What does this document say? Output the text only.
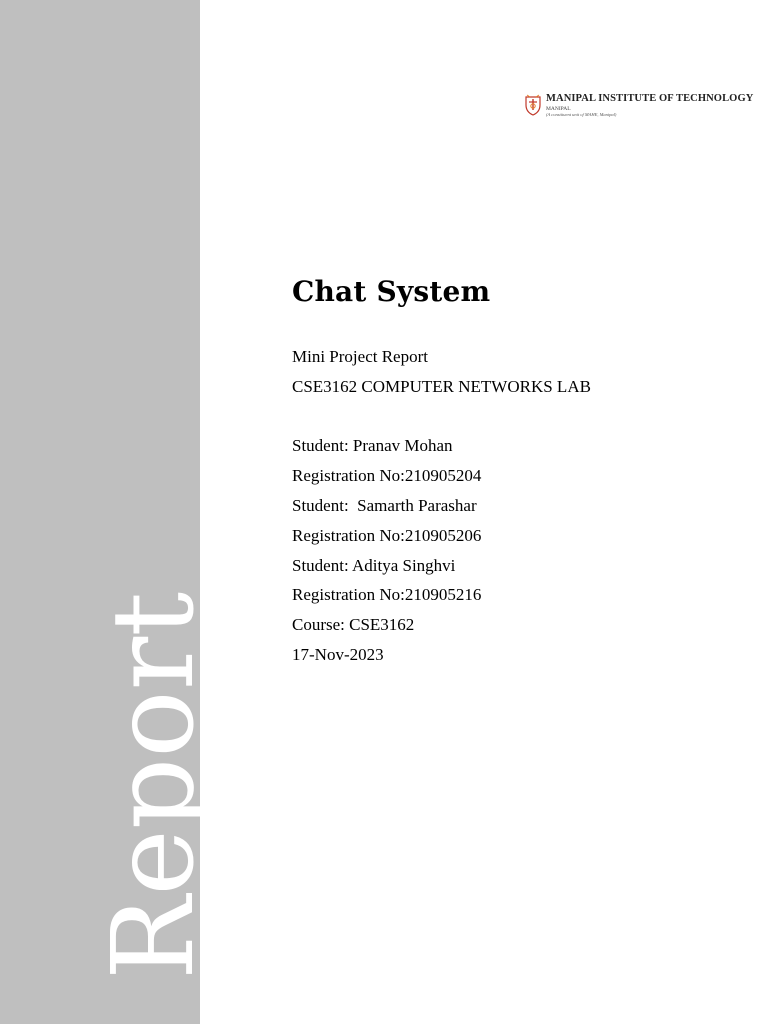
Report
MANIPAL INSTITUTE OF TECHNOLOGY
MANIPAL
(A constituent unit of MAHE, Manipal)
Chat System
Mini Project Report
CSE3162 COMPUTER NETWORKS LAB
Student: Pranav Mohan
Registration No:210905204
Student:  Samarth Parashar
Registration No:210905206
Student: Aditya Singhvi
Registration No:210905216
Course: CSE3162
17-Nov-2023
